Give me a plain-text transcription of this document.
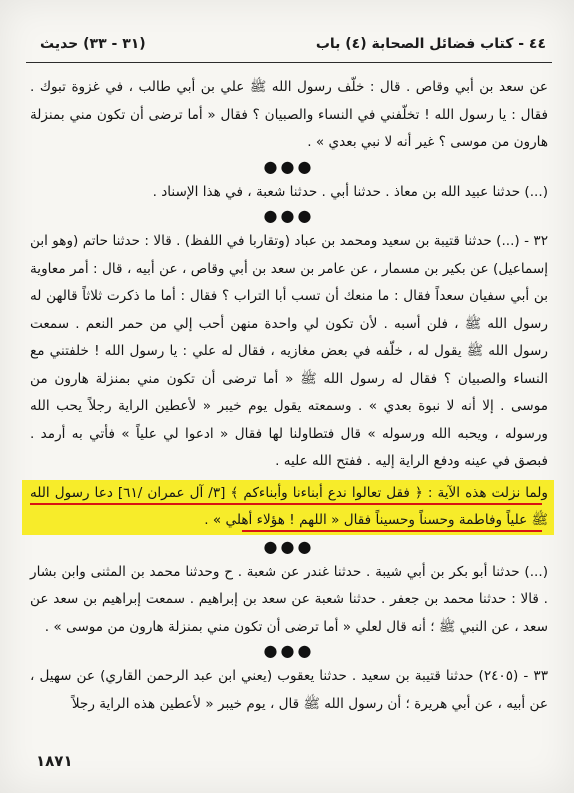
٤٤ - كتاب فضائل الصحابة (٤) باب
(٣١ - ٣٣) حديث

عن سعد بن أبي وقاص . قال : خلّف رسول الله ﷺ علي بن أبي طالب ، في غزوة تبوك . فقال : يا رسول الله ! تخلّفني في النساء والصبيان ؟ فقال « أما ترضى أن تكون مني بمنزلة هارون من موسى ؟ غير أنه لا نبي بعدي » .

●●●

(...) حدثنا عبيد الله بن معاذ . حدثنا أبي . حدثنا شعبة ، في هذا الإسناد .

●●●

٣٢ - (...) حدثنا قتيبة بن سعيد ومحمد بن عباد (وتقاربا في اللفظ) . قالا : حدثنا حاتم (وهو ابن إسماعيل) عن بكير بن مسمار ، عن عامر بن سعد بن أبي وقاص ، عن أبيه ، قال : أمر معاوية بن أبي سفيان سعداً فقال : ما منعك أن تسب أبا التراب ؟ فقال : أما ما ذكرت ثلاثاً قالهن له رسول الله ﷺ ، فلن أسبه . لأن تكون لي واحدة منهن أحب إلي من حمر النعم . سمعت رسول الله ﷺ يقول له ، خلّفه في بعض مغازيه ، فقال له علي : يا رسول الله ! خلفتني مع النساء والصبيان ؟ فقال له رسول الله ﷺ « أما ترضى أن تكون مني بمنزلة هارون من موسى . إلا أنه لا نبوة بعدي » . وسمعته يقول يوم خيبر « لأعطين الراية رجلاً يحب الله ورسوله ، ويحبه الله ورسوله » قال فتطاولنا لها فقال « ادعوا لي علياً » فأتي به أرمد . فبصق في عينه ودفع الراية إليه . ففتح الله عليه .

ولما نزلت هذه الآية : ﴿ فقل تعالوا ندع أبناءنا وأبناءكم ﴾ [٣/ آل عمران /٦١] دعا رسول الله ﷺ علياً وفاطمة وحسناً وحسيناً فقال « اللهم ! هؤلاء أهلي » .

●●●

(...) حدثنا أبو بكر بن أبي شيبة . حدثنا غندر عن شعبة . ح وحدثنا محمد بن المثنى وابن بشار . قالا : حدثنا محمد بن جعفر . حدثنا شعبة عن سعد بن إبراهيم . سمعت إبراهيم بن سعد عن سعد ، عن النبي ﷺ ؛ أنه قال لعلي « أما ترضى أن تكون مني بمنزلة هارون من موسى » .

●●●

٣٣ - (٢٤٠٥) حدثنا قتيبة بن سعيد . حدثنا يعقوب (يعني ابن عبد الرحمن القاري) عن سهيل ، عن أبيه ، عن أبي هريرة ؛ أن رسول الله ﷺ قال ، يوم خيبر « لأعطين هذه الراية رجلاً

١٨٧١
